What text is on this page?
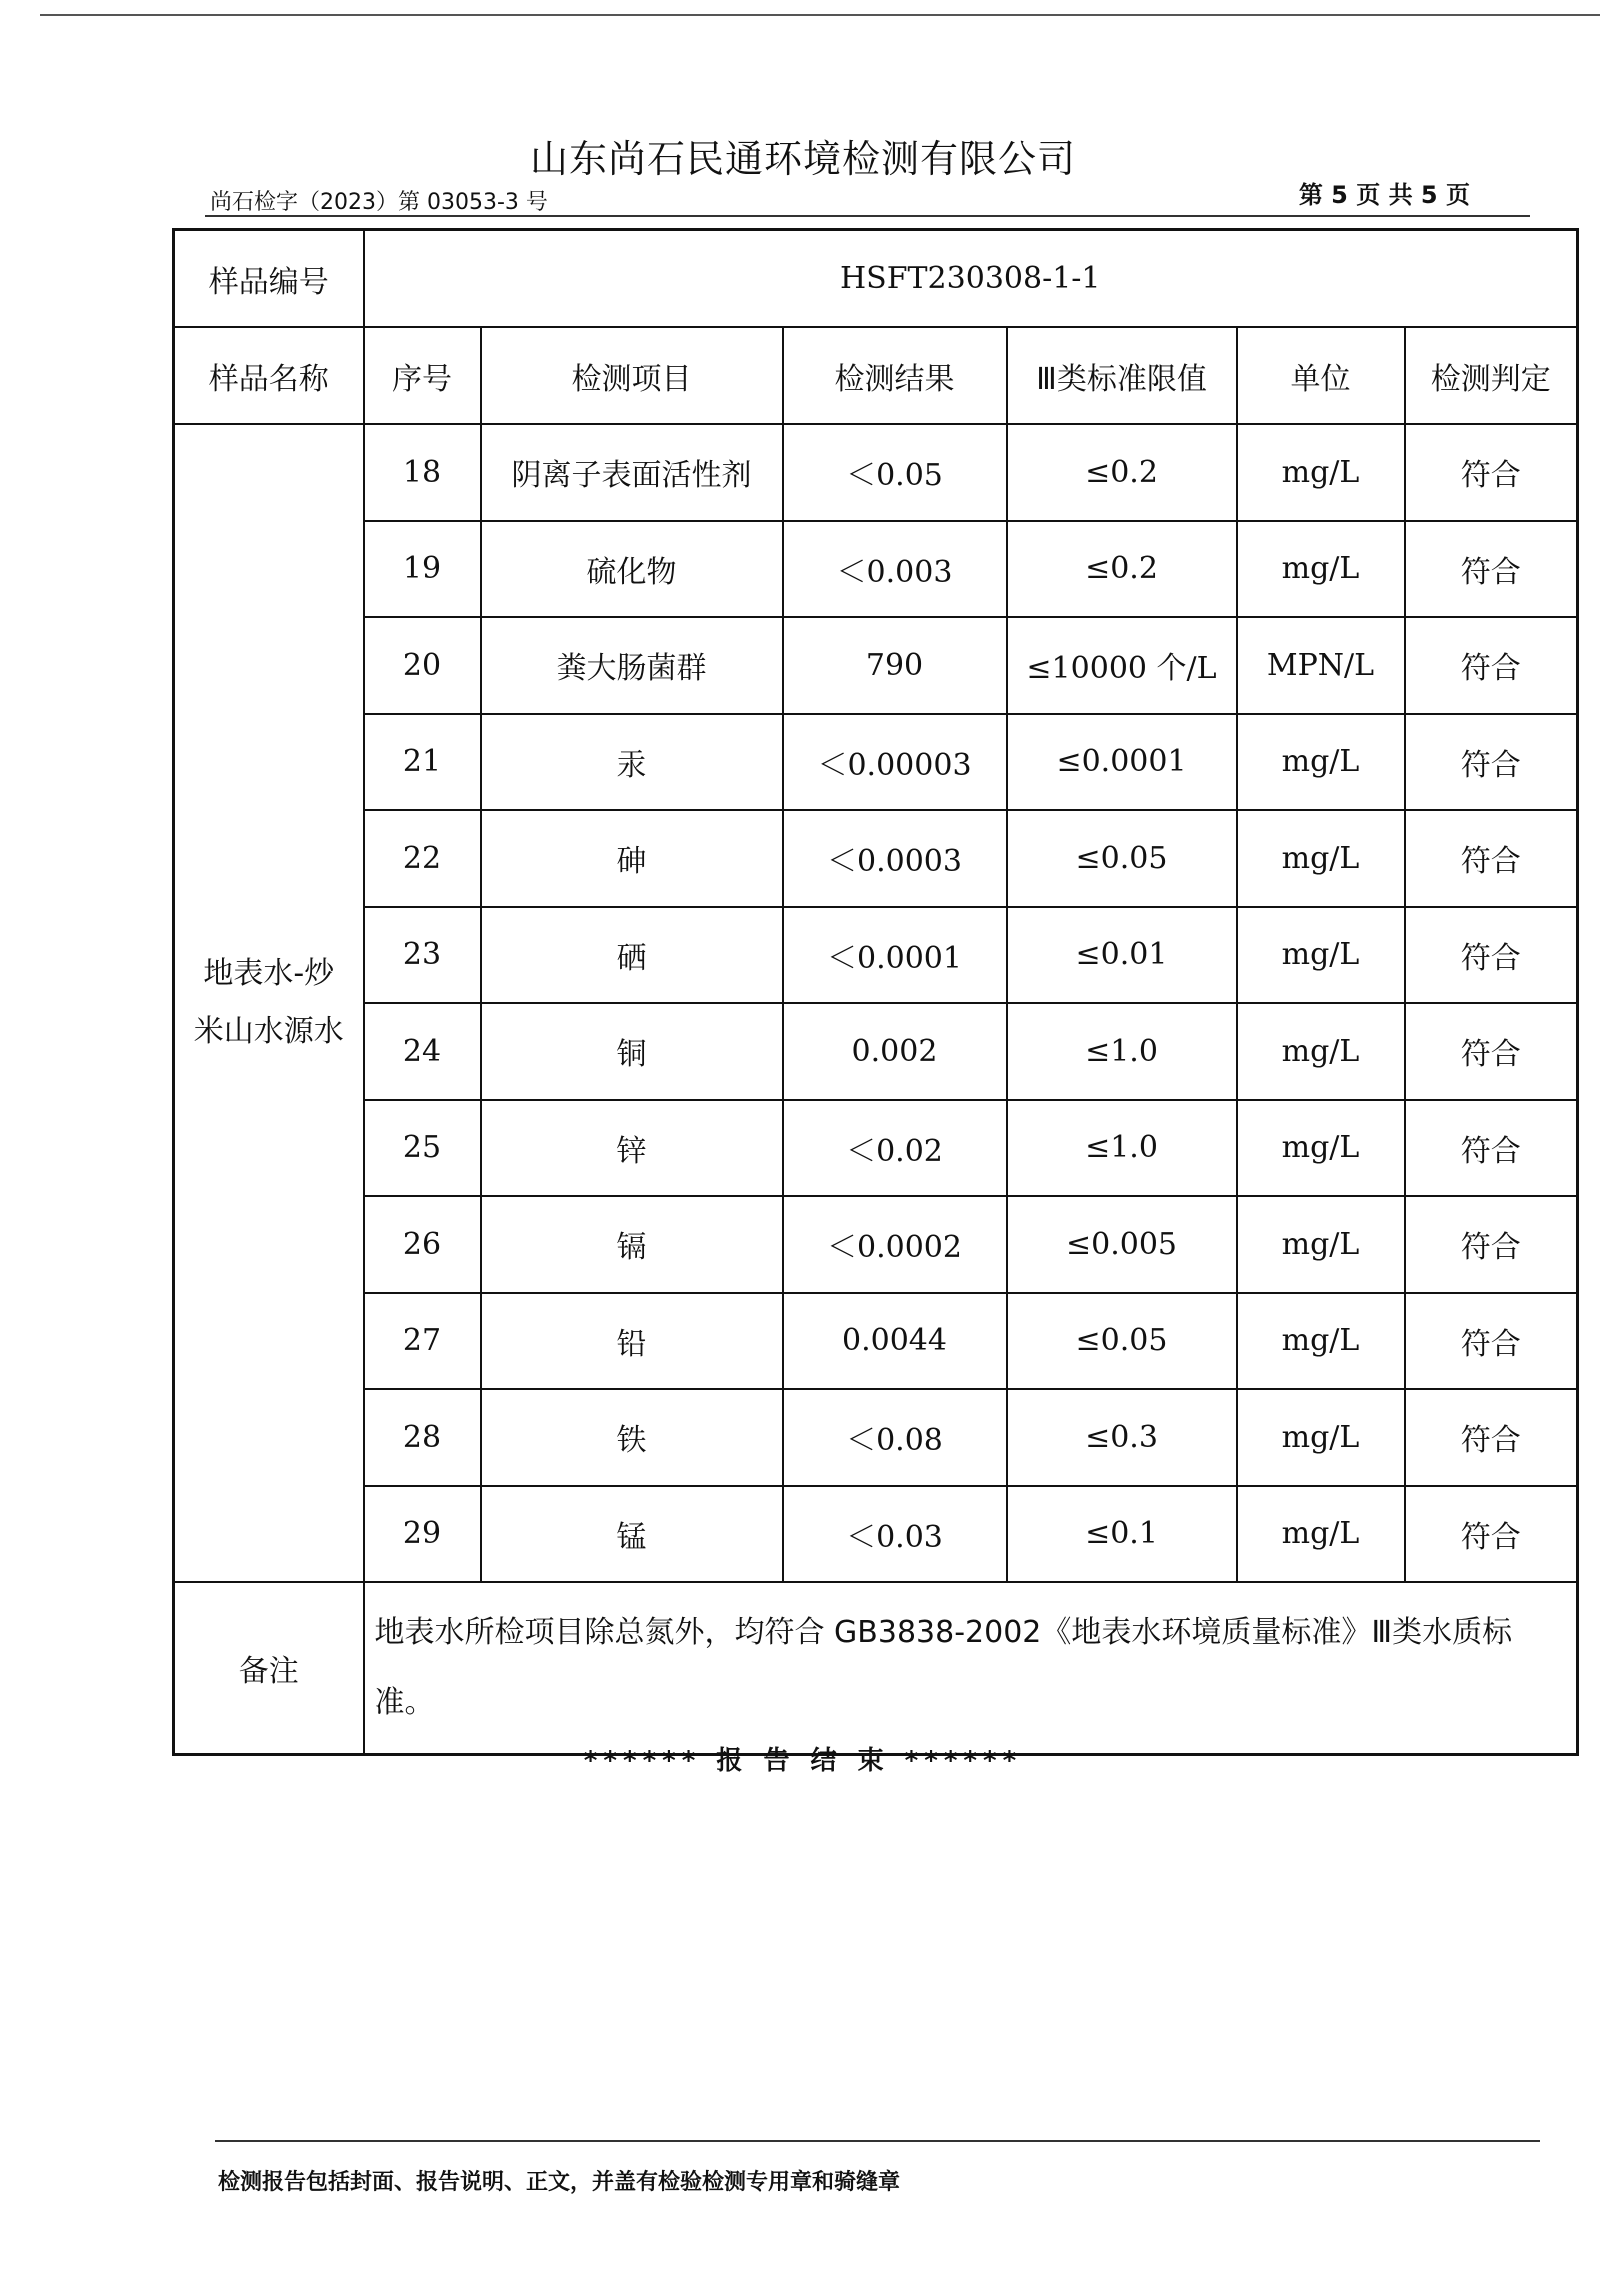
山东尚石民通环境检测有限公司
尚石检字（2023）第 03053-3 号	第 5 页 共 5 页
样品编号	HSFT230308-1-1					
样品名称	序号	检测项目	检测结果	Ⅲ类标准限值	单位	检测判定
地表水-炒米山水源水	18	阴离子表面活性剂	＜0.05	≤0.2	mg/L	符合
	19	硫化物	＜0.003	≤0.2	mg/L	符合
	20	粪大肠菌群	790	≤10000 个/L	MPN/L	符合
	21	汞	＜0.00003	≤0.0001	mg/L	符合
	22	砷	＜0.0003	≤0.05	mg/L	符合
	23	硒	＜0.0001	≤0.01	mg/L	符合
	24	铜	0.002	≤1.0	mg/L	符合
	25	锌	＜0.02	≤1.0	mg/L	符合
	26	镉	＜0.0002	≤0.005	mg/L	符合
	27	铅	0.0044	≤0.05	mg/L	符合
	28	铁	＜0.08	≤0.3	mg/L	符合
	29	锰	＜0.03	≤0.1	mg/L	符合
备注	地表水所检项目除总氮外，均符合 GB3838-2002《地表水环境质量标准》Ⅲ类水质标准。					
****** 报 告 结 束 ******
检测报告包括封面、报告说明、正文，并盖有检验检测专用章和骑缝章
